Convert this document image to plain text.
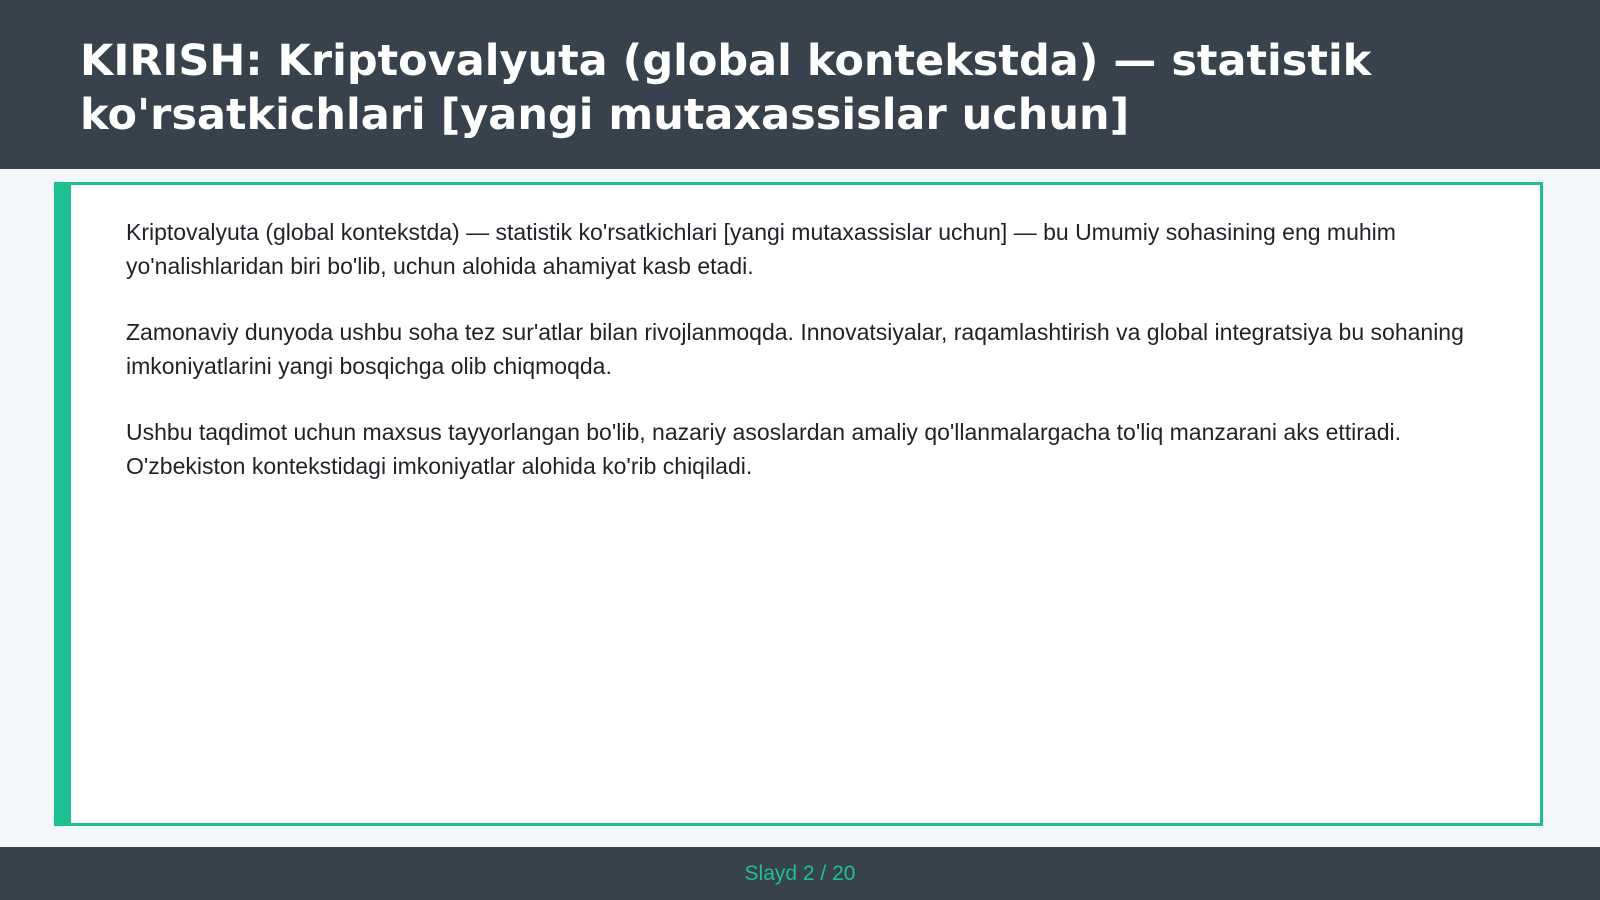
KIRISH: Kriptovalyuta (global kontekstda) — statistik ko'rsatkichlari [yangi mutaxassislar uchun]

Kriptovalyuta (global kontekstda) — statistik ko'rsatkichlari [yangi mutaxassislar uchun] — bu Umumiy sohasining eng muhim yo'nalishlaridan biri bo'lib, uchun alohida ahamiyat kasb etadi.

Zamonaviy dunyoda ushbu soha tez sur'atlar bilan rivojlanmoqda. Innovatsiyalar, raqamlashtirish va global integratsiya bu sohaning imkoniyatlarini yangi bosqichga olib chiqmoqda.

Ushbu taqdimot uchun maxsus tayyorlangan bo'lib, nazariy asoslardan amaliy qo'llanmalargacha to'liq manzarani aks ettiradi. O'zbekiston kontekstidagi imkoniyatlar alohida ko'rib chiqiladi.

Slayd 2 / 20
